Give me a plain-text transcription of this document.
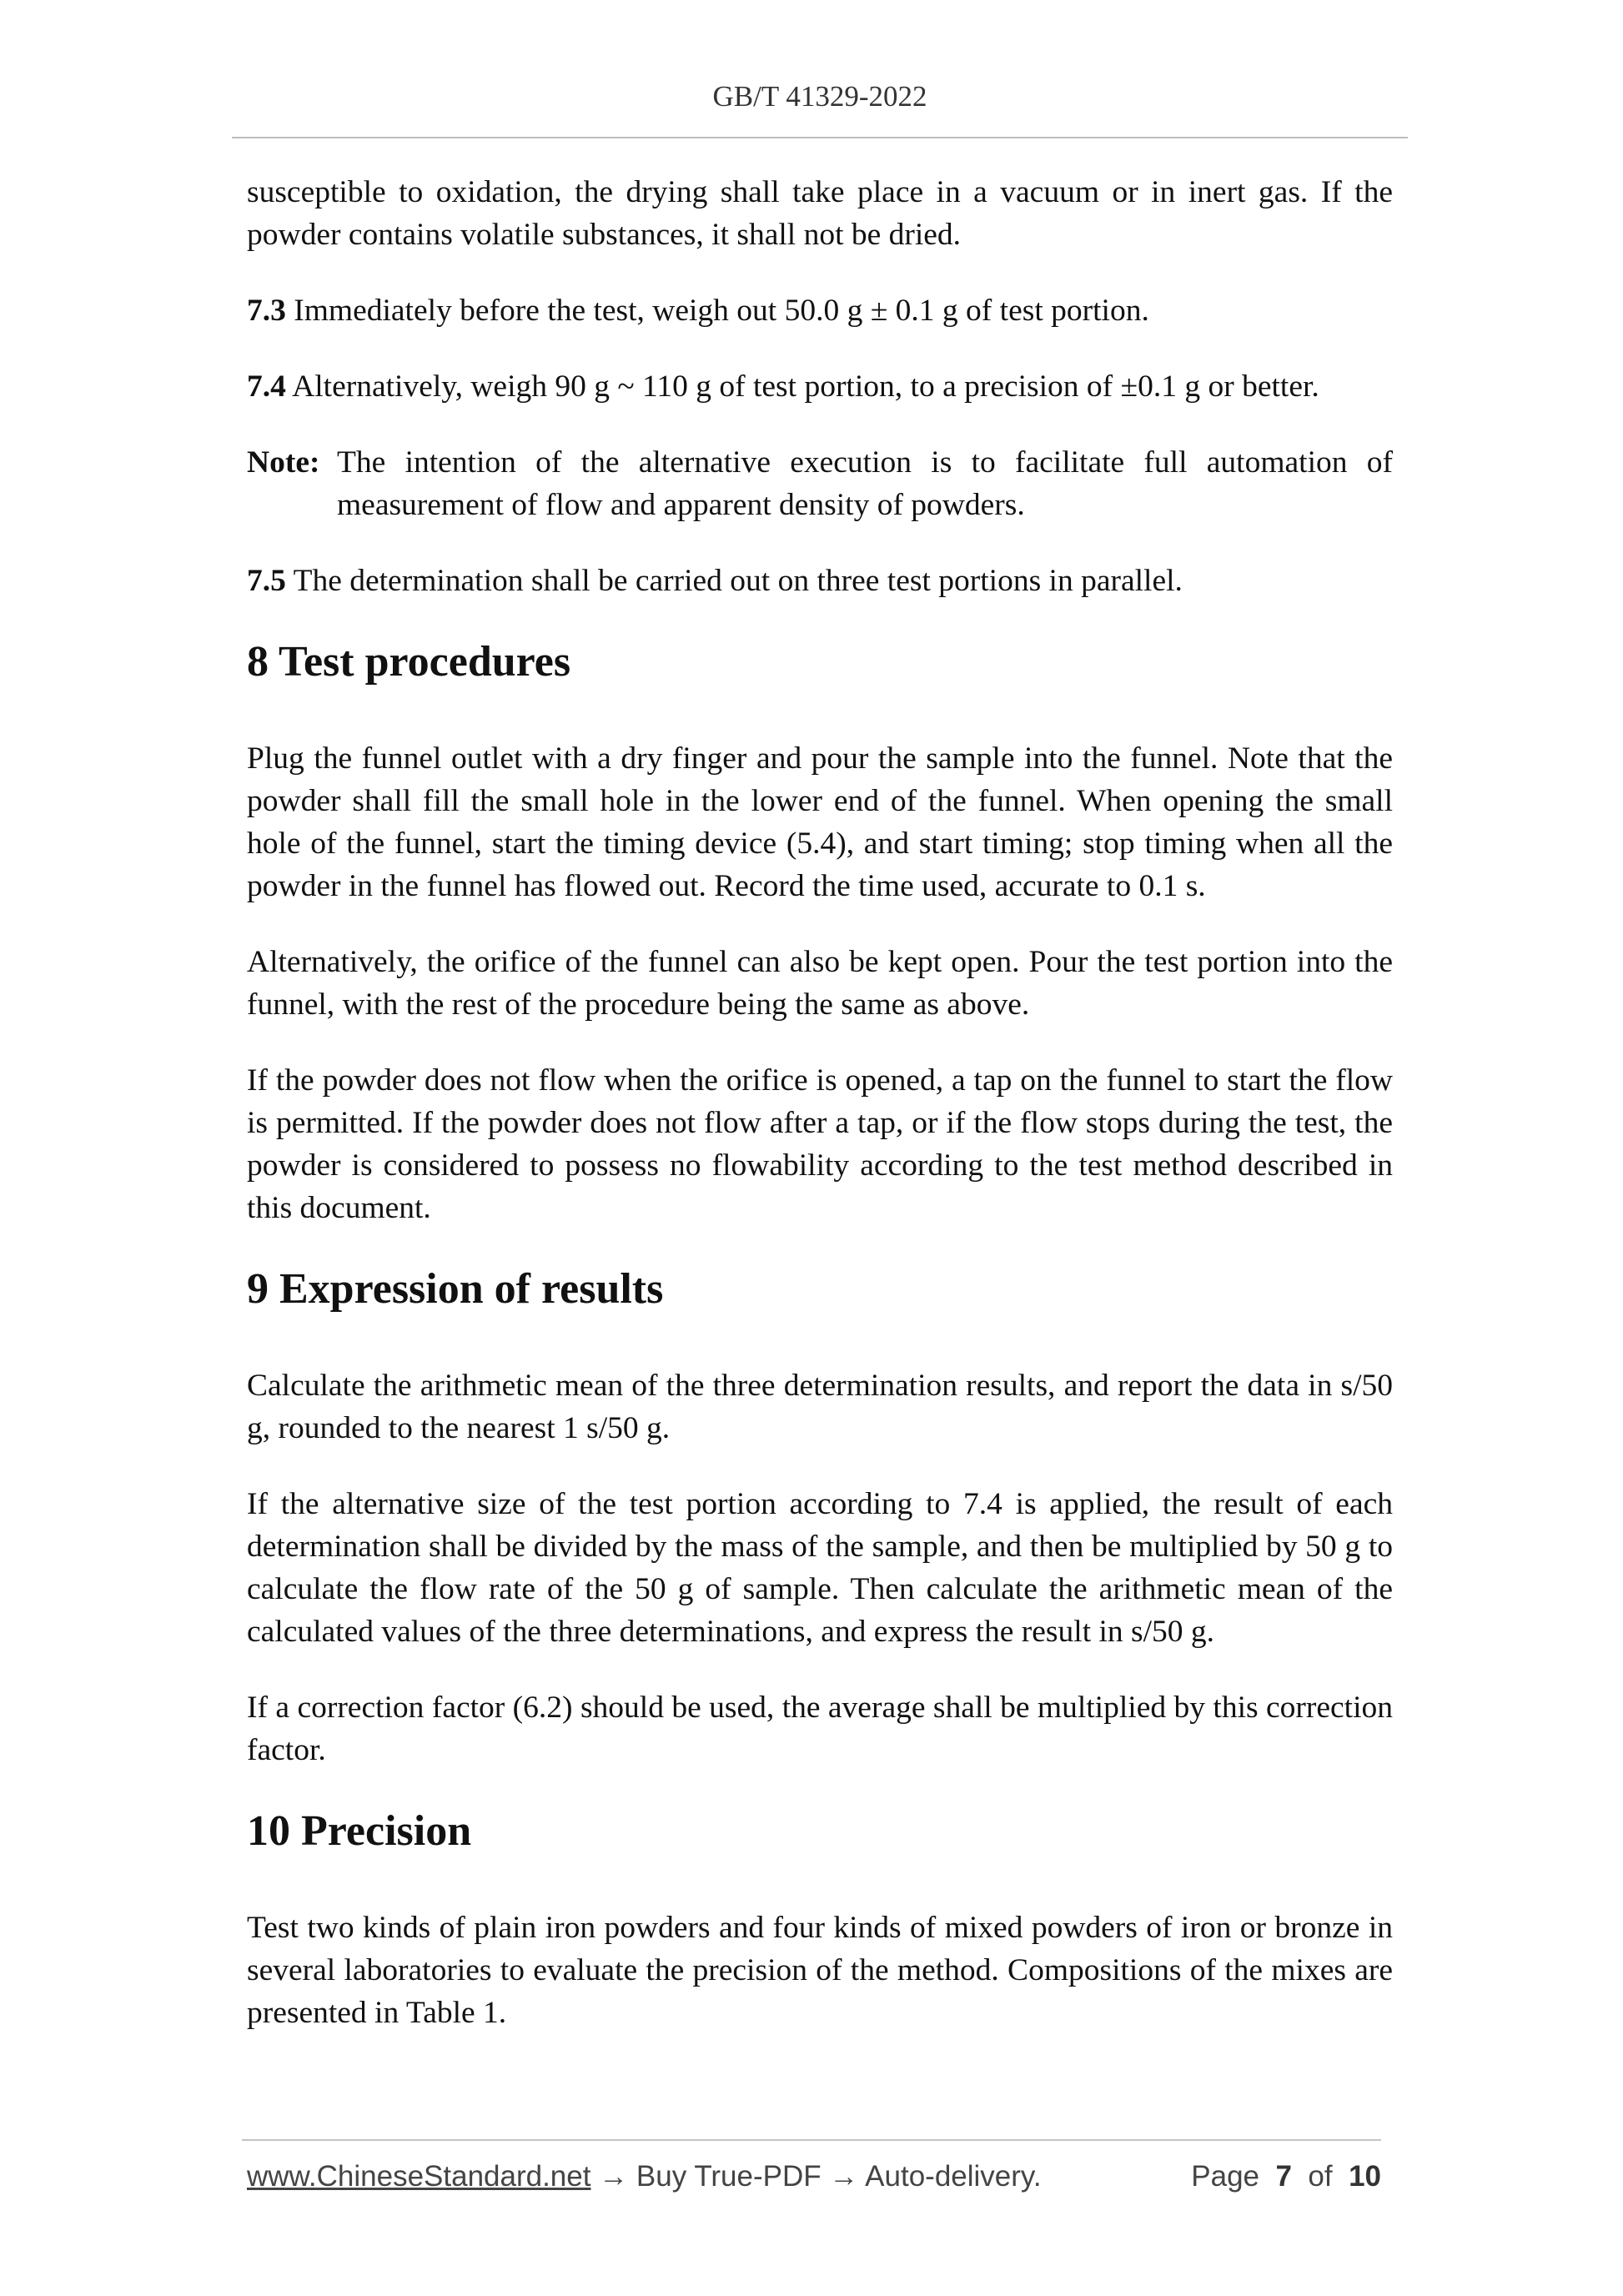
GB/T 41329-2022

susceptible to oxidation, the drying shall take place in a vacuum or in inert gas. If the powder contains volatile substances, it shall not be dried.

7.3 Immediately before the test, weigh out 50.0 g ± 0.1 g of test portion.

7.4 Alternatively, weigh 90 g ~ 110 g of test portion, to a precision of ±0.1 g or better.

Note: The intention of the alternative execution is to facilitate full automation of measurement of flow and apparent density of powders.

7.5 The determination shall be carried out on three test portions in parallel.

8 Test procedures

Plug the funnel outlet with a dry finger and pour the sample into the funnel. Note that the powder shall fill the small hole in the lower end of the funnel. When opening the small hole of the funnel, start the timing device (5.4), and start timing; stop timing when all the powder in the funnel has flowed out. Record the time used, accurate to 0.1 s.

Alternatively, the orifice of the funnel can also be kept open. Pour the test portion into the funnel, with the rest of the procedure being the same as above.

If the powder does not flow when the orifice is opened, a tap on the funnel to start the flow is permitted. If the powder does not flow after a tap, or if the flow stops during the test, the powder is considered to possess no flowability according to the test method described in this document.

9 Expression of results

Calculate the arithmetic mean of the three determination results, and report the data in s/50 g, rounded to the nearest 1 s/50 g.

If the alternative size of the test portion according to 7.4 is applied, the result of each determination shall be divided by the mass of the sample, and then be multiplied by 50 g to calculate the flow rate of the 50 g of sample. Then calculate the arithmetic mean of the calculated values of the three determinations, and express the result in s/50 g.

If a correction factor (6.2) should be used, the average shall be multiplied by this correction factor.

10 Precision

Test two kinds of plain iron powders and four kinds of mixed powders of iron or bronze in several laboratories to evaluate the precision of the method. Compositions of the mixes are presented in Table 1.

www.ChineseStandard.net → Buy True-PDF → Auto-delivery.	Page 7 of 10
